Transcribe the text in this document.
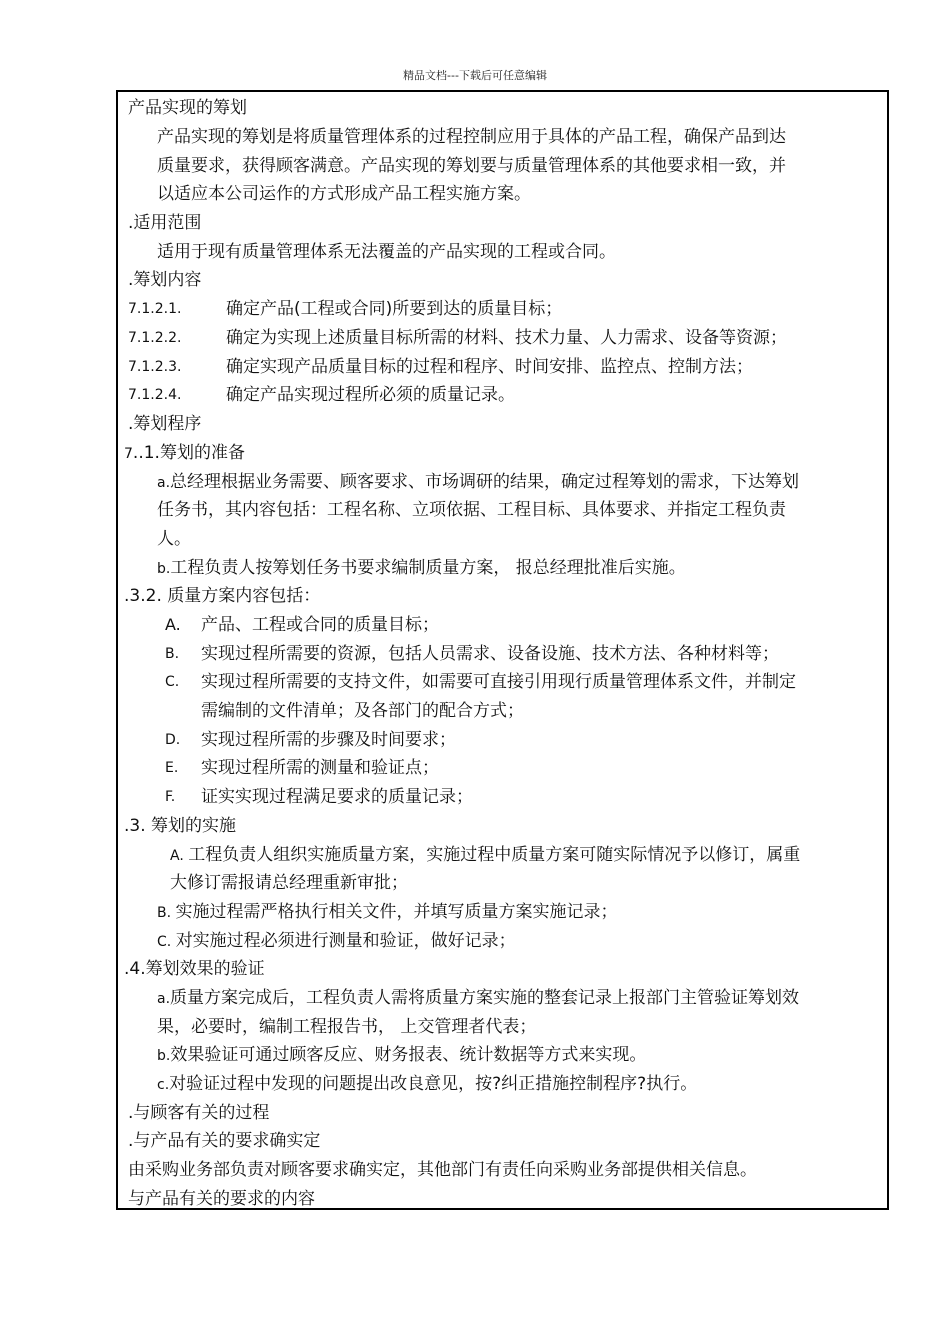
精品文档---下载后可任意编辑
产品实现的筹划
产品实现的筹划是将质量管理体系的过程控制应用于具体的产品工程，确保产品到达
质量要求，获得顾客满意。产品实现的筹划要与质量管理体系的其他要求相一致，并
以适应本公司运作的方式形成产品工程实施方案。
.适用范围
适用于现有质量管理体系无法覆盖的产品实现的工程或合同。
.筹划内容
7.1.2.1.	确定产品(工程或合同)所要到达的质量目标；
7.1.2.2.	确定为实现上述质量目标所需的材料、技术力量、人力需求、设备等资源；
7.1.2.3.	确定实现产品质量目标的过程和程序、时间安排、监控点、控制方法；
7.1.2.4.	确定产品实现过程所必须的质量记录。
.筹划程序
7..1.筹划的准备
a.总经理根据业务需要、顾客要求、市场调研的结果，确定过程筹划的需求，下达筹划
任务书，其内容包括：工程名称、立项依据、工程目标、具体要求、并指定工程负责
人。
b.工程负责人按筹划任务书要求编制质量方案， 报总经理批准后实施。
.3.2. 质量方案内容包括：
A. 产品、工程或合同的质量目标；
B. 实现过程所需要的资源，包括人员需求、设备设施、技术方法、各种材料等；
C. 实现过程所需要的支持文件，如需要可直接引用现行质量管理体系文件，并制定
需编制的文件清单；及各部门的配合方式；
D. 实现过程所需的步骤及时间要求；
E. 实现过程所需的测量和验证点；
F. 证实实现过程满足要求的质量记录；
.3. 筹划的实施
A. 工程负责人组织实施质量方案，实施过程中质量方案可随实际情况予以修订，属重
大修订需报请总经理重新审批；
B. 实施过程需严格执行相关文件，并填写质量方案实施记录；
C. 对实施过程必须进行测量和验证，做好记录；
.4.筹划效果的验证
a.质量方案完成后，工程负责人需将质量方案实施的整套记录上报部门主管验证筹划效
果，必要时，编制工程报告书， 上交管理者代表；
b.效果验证可通过顾客反应、财务报表、统计数据等方式来实现。
c.对验证过程中发现的问题提出改良意见，按?纠正措施控制程序?执行。
.与顾客有关的过程
.与产品有关的要求确实定
由采购业务部负责对顾客要求确实定，其他部门有责任向采购业务部提供相关信息。
与产品有关的要求的内容
